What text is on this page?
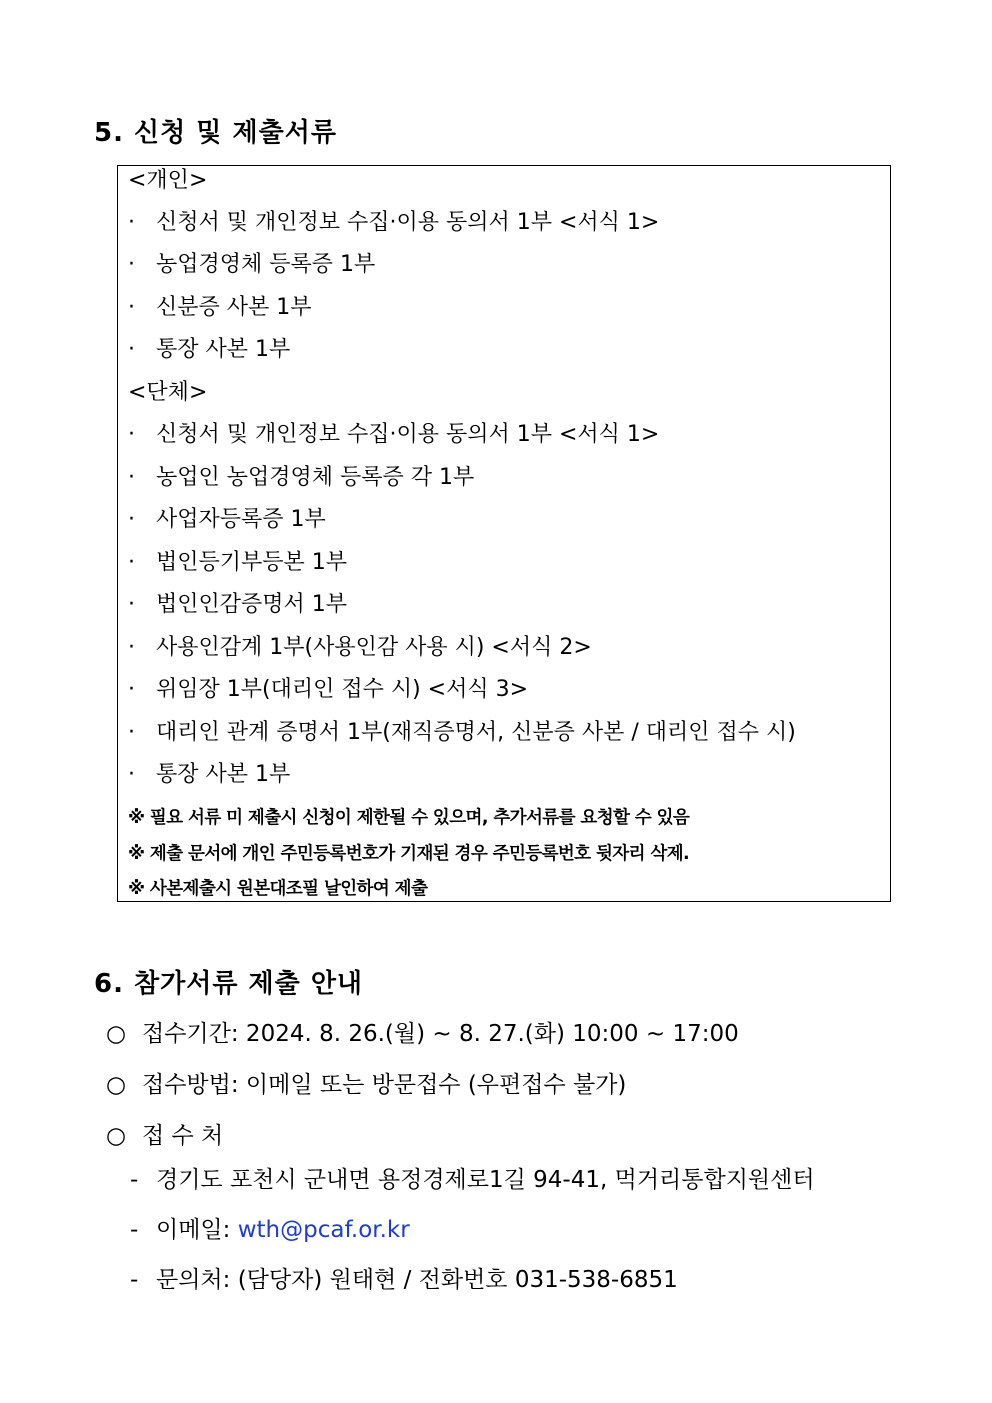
5. 신청 및 제출서류
<개인>
· 신청서 및 개인정보 수집·이용 동의서 1부 <서식 1>
· 농업경영체 등록증 1부
· 신분증 사본 1부
· 통장 사본 1부
<단체>
· 신청서 및 개인정보 수집·이용 동의서 1부 <서식 1>
· 농업인 농업경영체 등록증 각 1부
· 사업자등록증 1부
· 법인등기부등본 1부
· 법인인감증명서 1부
· 사용인감계 1부(사용인감 사용 시) <서식 2>
· 위임장 1부(대리인 접수 시) <서식 3>
· 대리인 관계 증명서 1부(재직증명서, 신분증 사본 / 대리인 접수 시)
· 통장 사본 1부
※ 필요 서류 미 제출시 신청이 제한될 수 있으며, 추가서류를 요청할 수 있음
※ 제출 문서에 개인 주민등록번호가 기재된 경우 주민등록번호 뒷자리 삭제.
※ 사본제출시 원본대조필 날인하여 제출
6. 참가서류 제출 안내
○ 접수기간: 2024. 8. 26.(월) ~ 8. 27.(화) 10:00 ~ 17:00
○ 접수방법: 이메일 또는 방문접수 (우편접수 불가)
○ 접 수 처
- 경기도 포천시 군내면 용정경제로1길 94-41, 먹거리통합지원센터
- 이메일: wth@pcaf.or.kr
- 문의처: (담당자) 원태현 / 전화번호 031-538-6851
